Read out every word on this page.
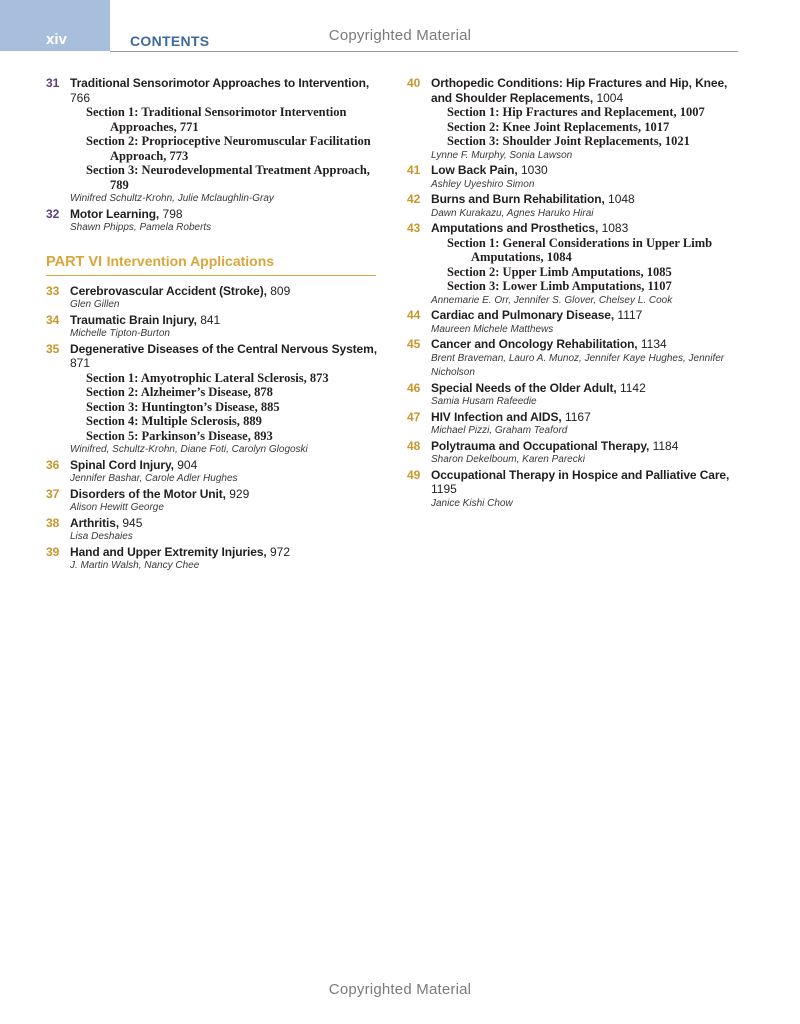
xiv	CONTENTS	Copyrighted Material
31 Traditional Sensorimotor Approaches to Intervention, 766
Section 1: Traditional Sensorimotor Intervention Approaches, 771
Section 2: Proprioceptive Neuromuscular Facilitation Approach, 773
Section 3: Neurodevelopmental Treatment Approach, 789
Winifred Schultz-Krohn, Julie Mclaughlin-Gray
32 Motor Learning, 798
Shawn Phipps, Pamela Roberts
PART VI Intervention Applications
33 Cerebrovascular Accident (Stroke), 809
Glen Gillen
34 Traumatic Brain Injury, 841
Michelle Tipton-Burton
35 Degenerative Diseases of the Central Nervous System, 871
Section 1: Amyotrophic Lateral Sclerosis, 873
Section 2: Alzheimer’s Disease, 878
Section 3: Huntington’s Disease, 885
Section 4: Multiple Sclerosis, 889
Section 5: Parkinson’s Disease, 893
Winifred, Schultz-Krohn, Diane Foti, Carolyn Glogoski
36 Spinal Cord Injury, 904
Jennifer Bashar, Carole Adler Hughes
37 Disorders of the Motor Unit, 929
Alison Hewitt George
38 Arthritis, 945
Lisa Deshaies
39 Hand and Upper Extremity Injuries, 972
J. Martin Walsh, Nancy Chee
40 Orthopedic Conditions: Hip Fractures and Hip, Knee, and Shoulder Replacements, 1004
Section 1: Hip Fractures and Replacement, 1007
Section 2: Knee Joint Replacements, 1017
Section 3: Shoulder Joint Replacements, 1021
Lynne F. Murphy, Sonia Lawson
41 Low Back Pain, 1030
Ashley Uyeshiro Simon
42 Burns and Burn Rehabilitation, 1048
Dawn Kurakazu, Agnes Haruko Hirai
43 Amputations and Prosthetics, 1083
Section 1: General Considerations in Upper Limb Amputations, 1084
Section 2: Upper Limb Amputations, 1085
Section 3: Lower Limb Amputations, 1107
Annemarie E. Orr, Jennifer S. Glover, Chelsey L. Cook
44 Cardiac and Pulmonary Disease, 1117
Maureen Michele Matthews
45 Cancer and Oncology Rehabilitation, 1134
Brent Braveman, Lauro A. Munoz, Jennifer Kaye Hughes, Jennifer Nicholson
46 Special Needs of the Older Adult, 1142
Samia Husam Rafeedie
47 HIV Infection and AIDS, 1167
Michael Pizzi, Graham Teaford
48 Polytrauma and Occupational Therapy, 1184
Sharon Dekelboum, Karen Parecki
49 Occupational Therapy in Hospice and Palliative Care, 1195
Janice Kishi Chow
Copyrighted Material
